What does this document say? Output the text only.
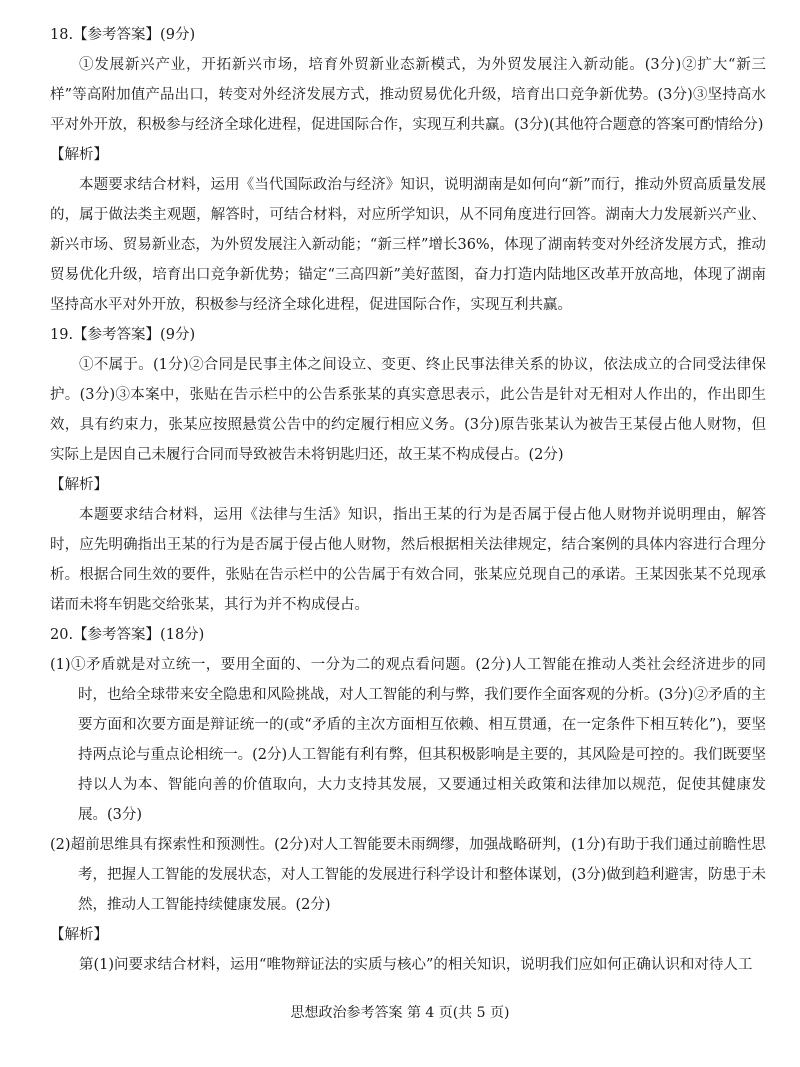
18.【参考答案】(9分)

①发展新兴产业，开拓新兴市场，培育外贸新业态新模式，为外贸发展注入新动能。(3分)②扩大“新三样”等高附加值产品出口，转变对外经济发展方式，推动贸易优化升级，培育出口竞争新优势。(3分)③坚持高水平对外开放，积极参与经济全球化进程，促进国际合作，实现互利共赢。(3分)(其他符合题意的答案可酌情给分)

【解析】

本题要求结合材料，运用《当代国际政治与经济》知识，说明湖南是如何向“新”而行，推动外贸高质量发展的，属于做法类主观题，解答时，可结合材料，对应所学知识，从不同角度进行回答。湖南大力发展新兴产业、新兴市场、贸易新业态，为外贸发展注入新动能；“新三样”增长36%，体现了湖南转变对外经济发展方式，推动贸易优化升级，培育出口竞争新优势；锚定“三高四新”美好蓝图，奋力打造内陆地区改革开放高地，体现了湖南坚持高水平对外开放，积极参与经济全球化进程，促进国际合作，实现互利共赢。

19.【参考答案】(9分)

①不属于。(1分)②合同是民事主体之间设立、变更、终止民事法律关系的协议，依法成立的合同受法律保护。(3分)③本案中，张贴在告示栏中的公告系张某的真实意思表示，此公告是针对无相对人作出的，作出即生效，具有约束力，张某应按照悬赏公告中的约定履行相应义务。(3分)原告张某认为被告王某侵占他人财物，但实际上是因自己未履行合同而导致被告未将钥匙归还，故王某不构成侵占。(2分)

【解析】

本题要求结合材料，运用《法律与生活》知识，指出王某的行为是否属于侵占他人财物并说明理由，解答时，应先明确指出王某的行为是否属于侵占他人财物，然后根据相关法律规定，结合案例的具体内容进行合理分析。根据合同生效的要件，张贴在告示栏中的公告属于有效合同，张某应兑现自己的承诺。王某因张某不兑现承诺而未将车钥匙交给张某，其行为并不构成侵占。

20.【参考答案】(18分)

(1)①矛盾就是对立统一，要用全面的、一分为二的观点看问题。(2分)人工智能在推动人类社会经济进步的同时，也给全球带来安全隐患和风险挑战，对人工智能的利与弊，我们要作全面客观的分析。(3分)②矛盾的主要方面和次要方面是辩证统一的(或“矛盾的主次方面相互依赖、相互贯通，在一定条件下相互转化”)，要坚持两点论与重点论相统一。(2分)人工智能有利有弊，但其积极影响是主要的，其风险是可控的。我们既要坚持以人为本、智能向善的价值取向，大力支持其发展，又要通过相关政策和法律加以规范，促使其健康发展。(3分)

(2)超前思维具有探索性和预测性。(2分)对人工智能要未雨绸缪，加强战略研判，(1分)有助于我们通过前瞻性思考，把握人工智能的发展状态，对人工智能的发展进行科学设计和整体谋划，(3分)做到趋利避害，防患于未然，推动人工智能持续健康发展。(2分)

【解析】

第(1)问要求结合材料，运用“唯物辩证法的实质与核心”的相关知识，说明我们应如何正确认识和对待人工

思想政治参考答案 第 4 页(共 5 页)
